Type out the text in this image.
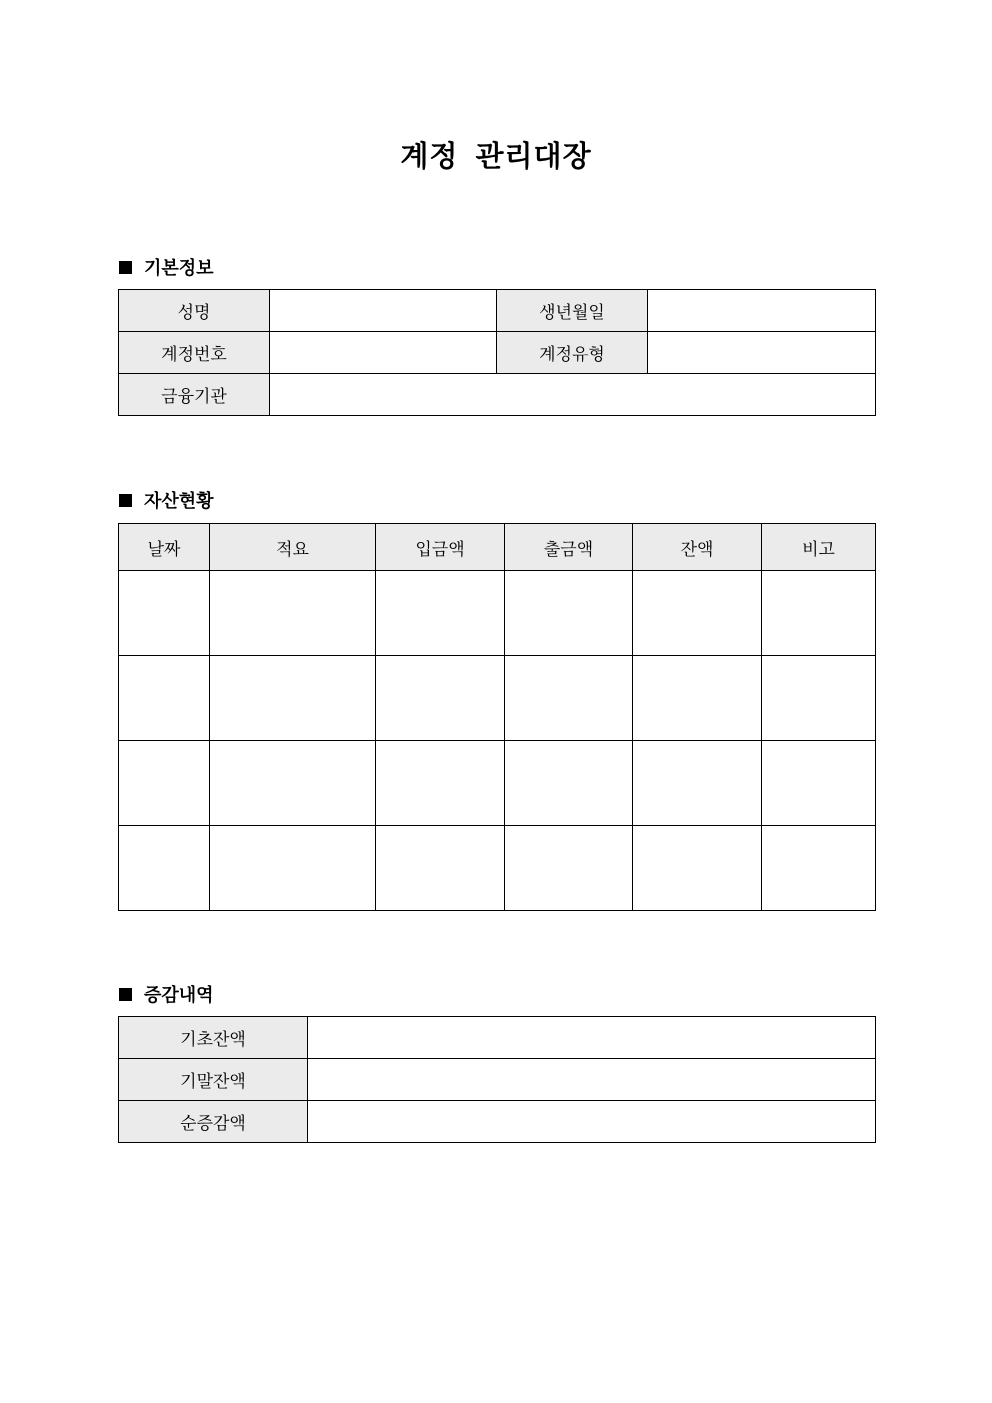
계정 관리대장
기본정보
성명		생년월일	
계정번호		계정유형	
금융기관			
자산현황
날짜	적요	입금액	출금액	잔액	비고

증감내역
기초잔액	
기말잔액	
순증감액	
